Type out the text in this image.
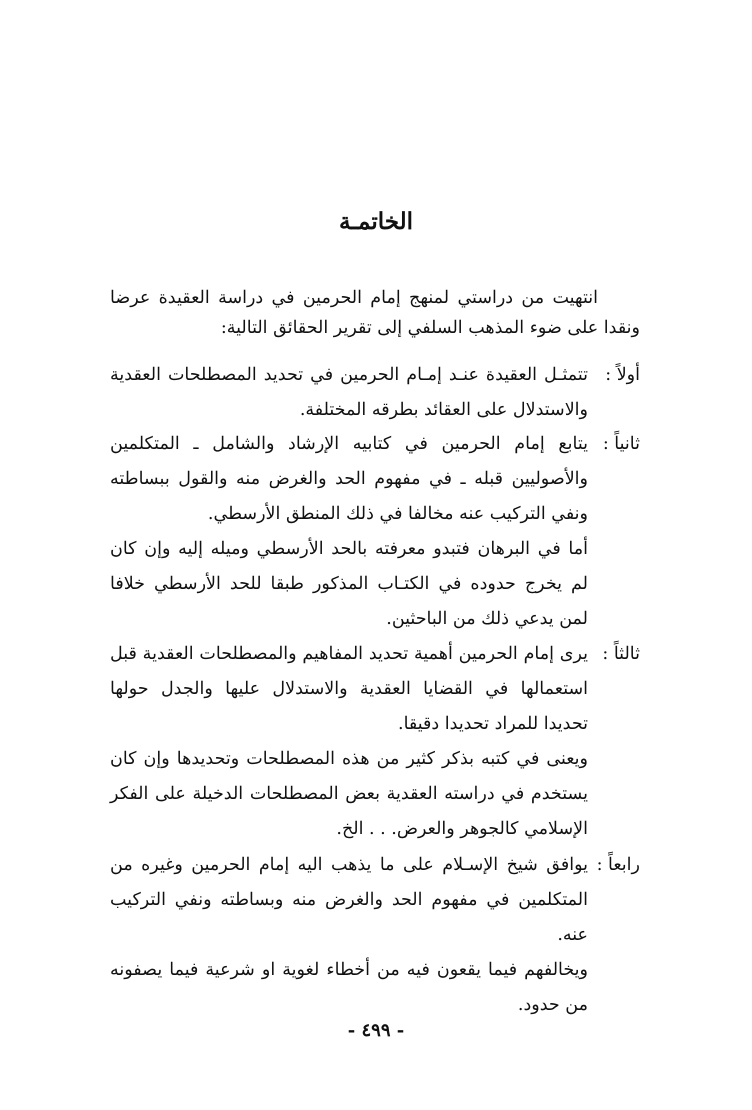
الخاتمـة
انتهيت من دراستي لمنهج إمام الحرمين في دراسة العقيدة عرضا ونقدا على ضوء المذهب السلفي إلى تقرير الحقائق التالية:
أولاً :

تتمثـل العقيدة عنـد إمـام الحرمين في تحديد المصطلحات العقدية والاستدلال على العقائد بطرقه المختلفة.

ثانياً :

يتابع إمام الحرمين في كتابيه الإرشاد والشامل ـ المتكلمين والأصوليين قبله ـ في مفهوم الحد والغرض منه والقول ببساطته ونفي التركيب عنه مخالفا في ذلك المنطق الأرسطي.

أما في البرهان فتبدو معرفته بالحد الأرسطي وميله إليه وإن كان لم يخرج حدوده في الكتـاب المذكور طبقا للحد الأرسطي خلافا لمن يدعي ذلك من الباحثين.

ثالثاً :

يرى إمام الحرمين أهمية تحديد المفاهيم والمصطلحات العقدية قبل استعمالها في القضايا العقدية والاستدلال عليها والجدل حولها تحديدا للمراد تحديدا دقيقا.

ويعنى في كتبه بذكر كثير من هذه المصطلحات وتحديدها وإن كان يستخدم في دراسته العقدية بعض المصطلحات الدخيلة على الفكر الإسلامي كالجوهر والعرض. . . الخ.

رابعاً :

يوافق شيخ الإسـلام على ما يذهب اليه إمام الحرمين وغيره من المتكلمين في مفهوم الحد والغرض منه وبساطته ونفي التركيب عنه.

ويخالفهم فيما يقعون فيه من أخطاء لغوية او شرعية فيما يصفونه من حدود.

- ٤٩٩ -
